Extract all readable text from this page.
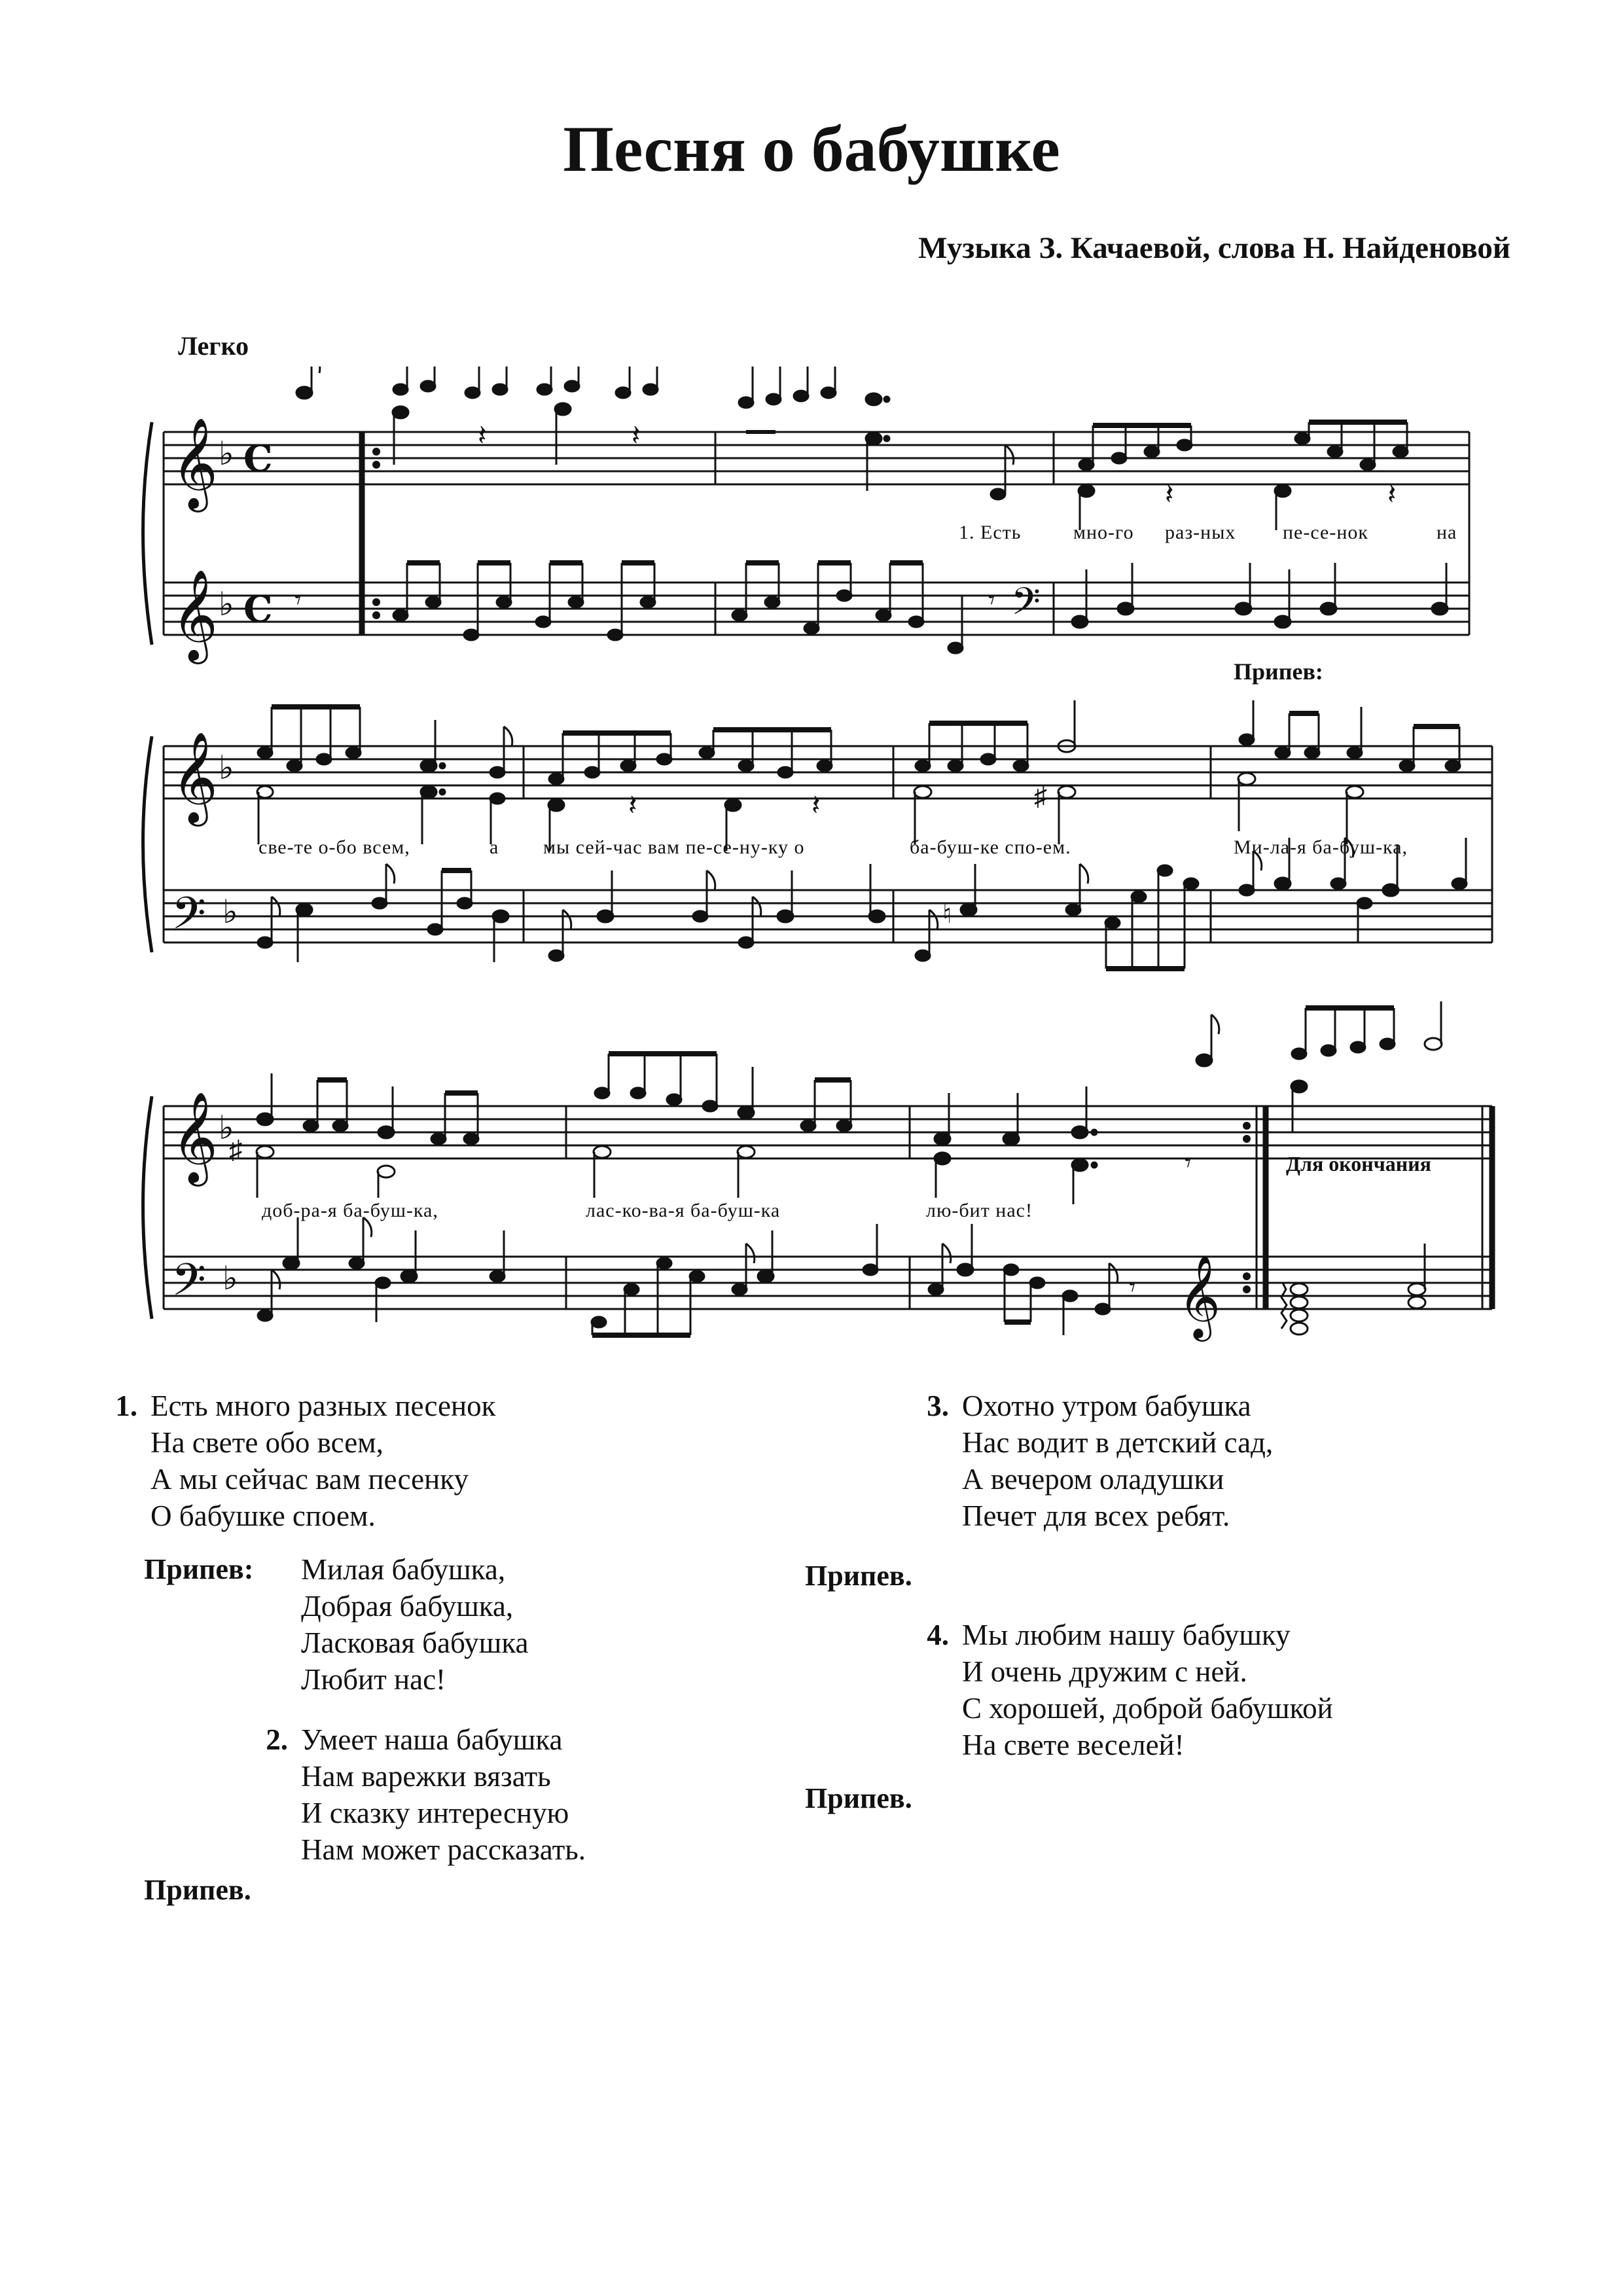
Песня о бабушке
Музыка З. Качаевой, слова Н. Найденовой
Легко
𝄞 ♭ C
𝄞 ♭ C 𝄾
𝄽	𝄽
𝄽	𝄽
𝄾 𝄢
1. Есть	мно-го раз-ных пе-се-нок	на
Припев:
𝄞 ♭
𝄢 ♭
𝄽	𝄽	♯
♮
све-те о-бо всем,	а мы сей-час вам пе-се-ну-ку о	ба-буш-ке спо-ем.	Ми-ла-я ба-буш-ка,
𝄞 ♭
𝄢 ♭
♯	𝄾
𝄾 𝄞
доб-ра-я ба-буш-ка,	лас-ко-ва-я ба-буш-ка	лю-бит нас!
Для окончания
1. Есть много разных песенок
На свете обо всем,
А мы сейчас вам песенку
О бабушке споем.
Припев:	Милая бабушка,
Добрая бабушка,
Ласковая бабушка
Любит нас!
2. Умеет наша бабушка
Нам варежки вязать
И сказку интересную
Нам может рассказать.
3. Охотно утром бабушка
Нас водит в детский сад,
А вечером оладушки
Печет для всех ребят.
4. Мы любим нашу бабушку
И очень дружим с ней.
С хорошей, доброй бабушкой
На свете веселей!
Припев.
Припев.
Припев.
